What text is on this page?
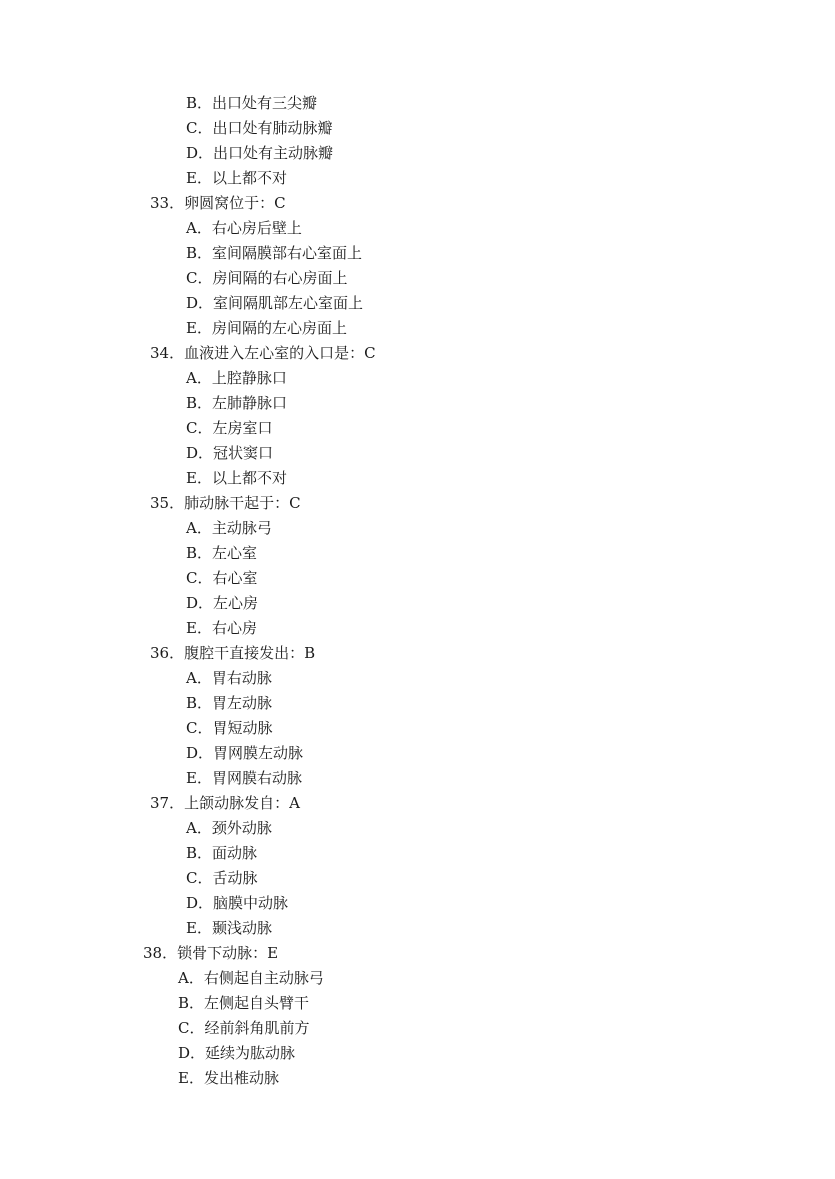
B．出口处有三尖瓣
C．出口处有肺动脉瓣
D．出口处有主动脉瓣
E．以上都不对
33．卵圆窝位于：C
A．右心房后壁上
B．室间隔膜部右心室面上
C．房间隔的右心房面上
D．室间隔肌部左心室面上
E．房间隔的左心房面上
34．血液进入左心室的入口是：C
A．上腔静脉口
B．左肺静脉口
C．左房室口
D．冠状窦口
E．以上都不对
35．肺动脉干起于：C
A．主动脉弓
B．左心室
C．右心室
D．左心房
E．右心房
36．腹腔干直接发出：B
A．胃右动脉
B．胃左动脉
C．胃短动脉
D．胃网膜左动脉
E．胃网膜右动脉
37．上颌动脉发自：A
A．颈外动脉
B．面动脉
C．舌动脉
D．脑膜中动脉
E．颞浅动脉
38．锁骨下动脉：E
A．右侧起自主动脉弓
B．左侧起自头臂干
C．经前斜角肌前方
D．延续为肱动脉
E．发出椎动脉
